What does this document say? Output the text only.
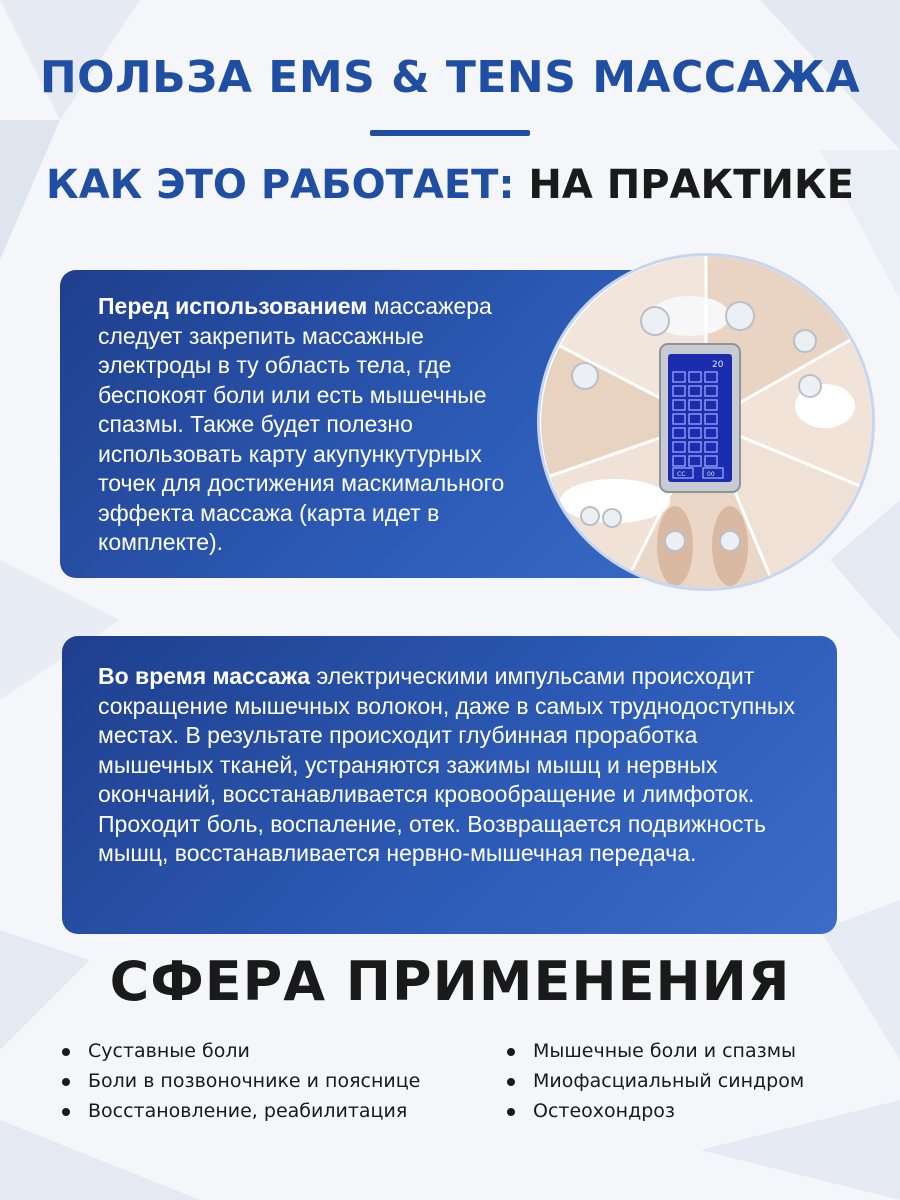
ПОЛЬЗА EMS & TENS МАССАЖА
КАК ЭТО РАБОТАЕТ: НА ПРАКТИКЕ
Перед использованием массажера следует закрепить массажные электроды в ту область тела, где беспокоят боли или есть мышечные спазмы. Также будет полезно использовать карту акупункутурных точек для достижения маскимального эффекта массажа (карта идет в комплекте).
20
CC	00
Во время массажа электрическими импульсами происходит сокращение мышечных волокон, даже в самых труднодоступных местах. В результате происходит глубинная проработка мышечных тканей, устраняются зажимы мышц и нервных окончаний, восстанавливается кровообращение и лимфоток. Проходит боль, воспаление, отек. Возвращается подвижность мышц, восстанавливается нервно-мышечная передача.
СФЕРА ПРИМЕНЕНИЯ
Суставные боли
Боли в позвоночнике и пояснице
Восстановление, реабилитация
Мышечные боли и спазмы
Миофасциальный синдром
Остеохондроз
